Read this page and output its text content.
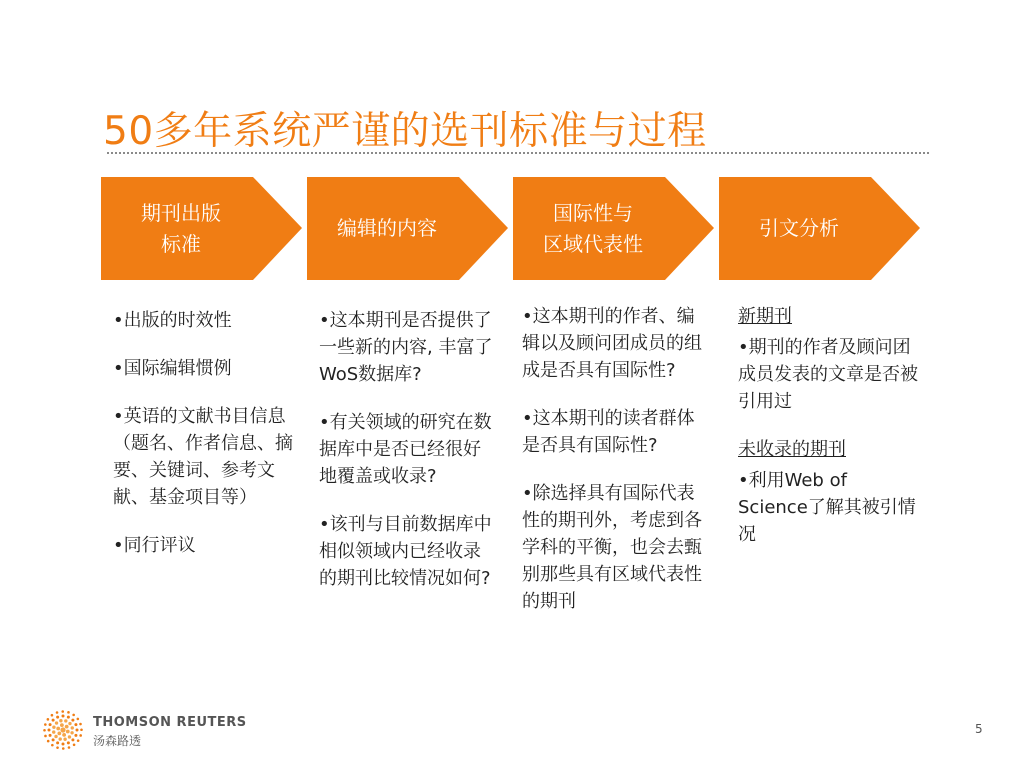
50多年系统严谨的选刊标准与过程
期刊出版
标准
编辑的内容
国际性与
区域代表性
引文分析

•出版的时效性

•国际编辑惯例

•英语的文献书目信息（题名、作者信息、摘要、关键词、参考文献、基金项目等）

•同行评议

•这本期刊是否提供了一些新的内容, 丰富了WoS数据库?

•有关领域的研究在数据库中是否已经很好地覆盖或收录?

•该刊与目前数据库中相似领域内已经收录的期刊比较情况如何?

•这本期刊的作者、编辑以及顾问团成员的组成是否具有国际性?

•这本期刊的读者群体是否具有国际性?

•除选择具有国际代表性的期刊外，考虑到各学科的平衡，也会去甄别那些具有区域代表性的期刊

新期刊

•期刊的作者及顾问团成员发表的文章是否被引用过

未收录的期刊

•利用Web of Science了解其被引情况

THOMSON REUTERS
汤森路透
5
